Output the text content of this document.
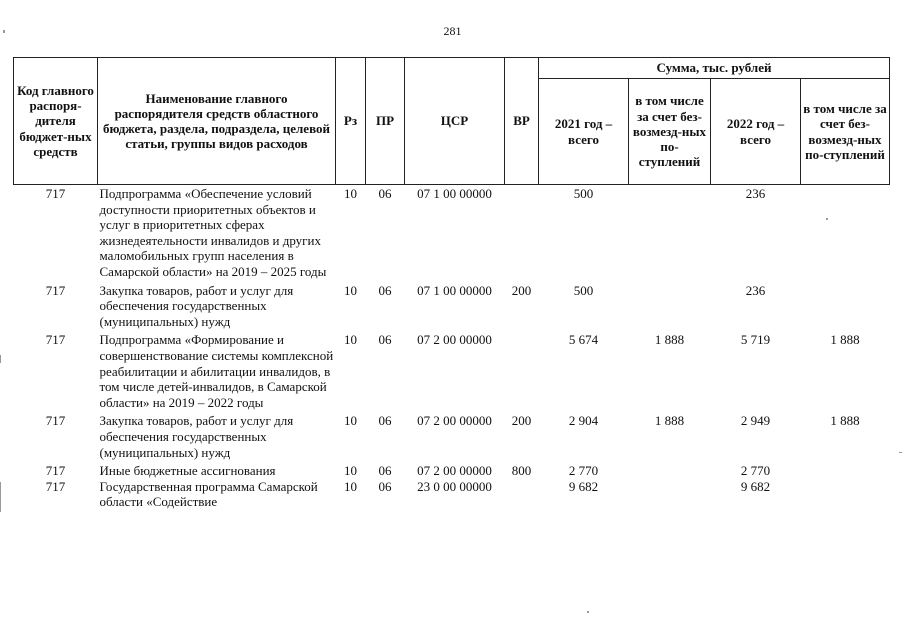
281
Код главного распоря-дителя бюджет-ных средств	Наименование главного распорядителя средств областного бюджета, раздела, подраздела, целевой статьи, группы видов расходов	Рз	ПР	ЦСР	ВР	Сумма, тыс. рублей			
						2021 год – всего	в том числе за счет без-возмезд-ных по-ступлений	2022 год – всего	в том числе за счет без-возмезд-ных по-ступлений
717	Подпрограмма «Обеспечение условий доступности приоритетных объектов и услуг в приоритетных сферах жизнедеятельности инвалидов и других маломобильных групп населения в Самарской области» на 2019 – 2025 годы	10	06	07 1 00 00000		500		236	
717	Закупка товаров, работ и услуг для обеспечения государственных (муниципальных) нужд	10	06	07 1 00 00000	200	500		236	
717	Подпрограмма «Формирование и совершенствование системы комплексной реабилитации и абилитации инвалидов, в том числе детей-инвалидов, в Самарской области» на 2019 – 2022 годы	10	06	07 2 00 00000		5 674	1 888	5 719	1 888
717	Закупка товаров, работ и услуг для обеспечения государственных (муниципальных) нужд	10	06	07 2 00 00000	200	2 904	1 888	2 949	1 888
717	Иные бюджетные ассигнования	10	06	07 2 00 00000	800	2 770		2 770	
717	Государственная программа Самарской области «Содействие	10	06	23 0 00 00000		9 682		9 682	
